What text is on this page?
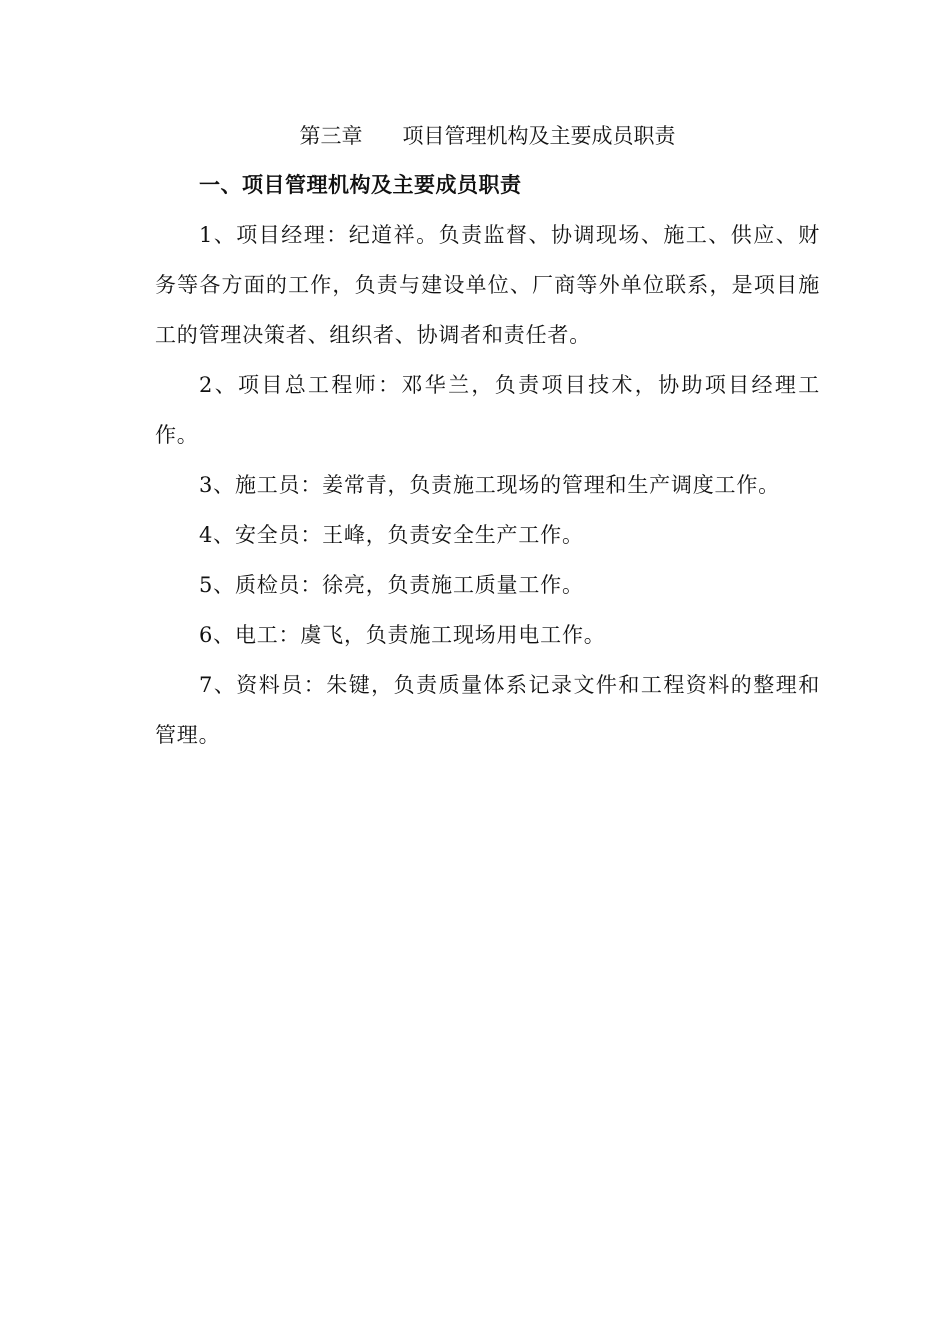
第三章      项目管理机构及主要成员职责
一、项目管理机构及主要成员职责

1、项目经理：纪道祥。负责监督、协调现场、施工、供应、财务等各方面的工作，负责与建设单位、厂商等外单位联系，是项目施工的管理决策者、组织者、协调者和责任者。

2、项目总工程师：邓华兰，负责项目技术，协助项目经理工作。

3、施工员：姜常青，负责施工现场的管理和生产调度工作。

4、安全员：王峰，负责安全生产工作。

5、质检员：徐亮，负责施工质量工作。

6、电工：虞飞，负责施工现场用电工作。

7、资料员：朱键，负责质量体系记录文件和工程资料的整理和管理。
